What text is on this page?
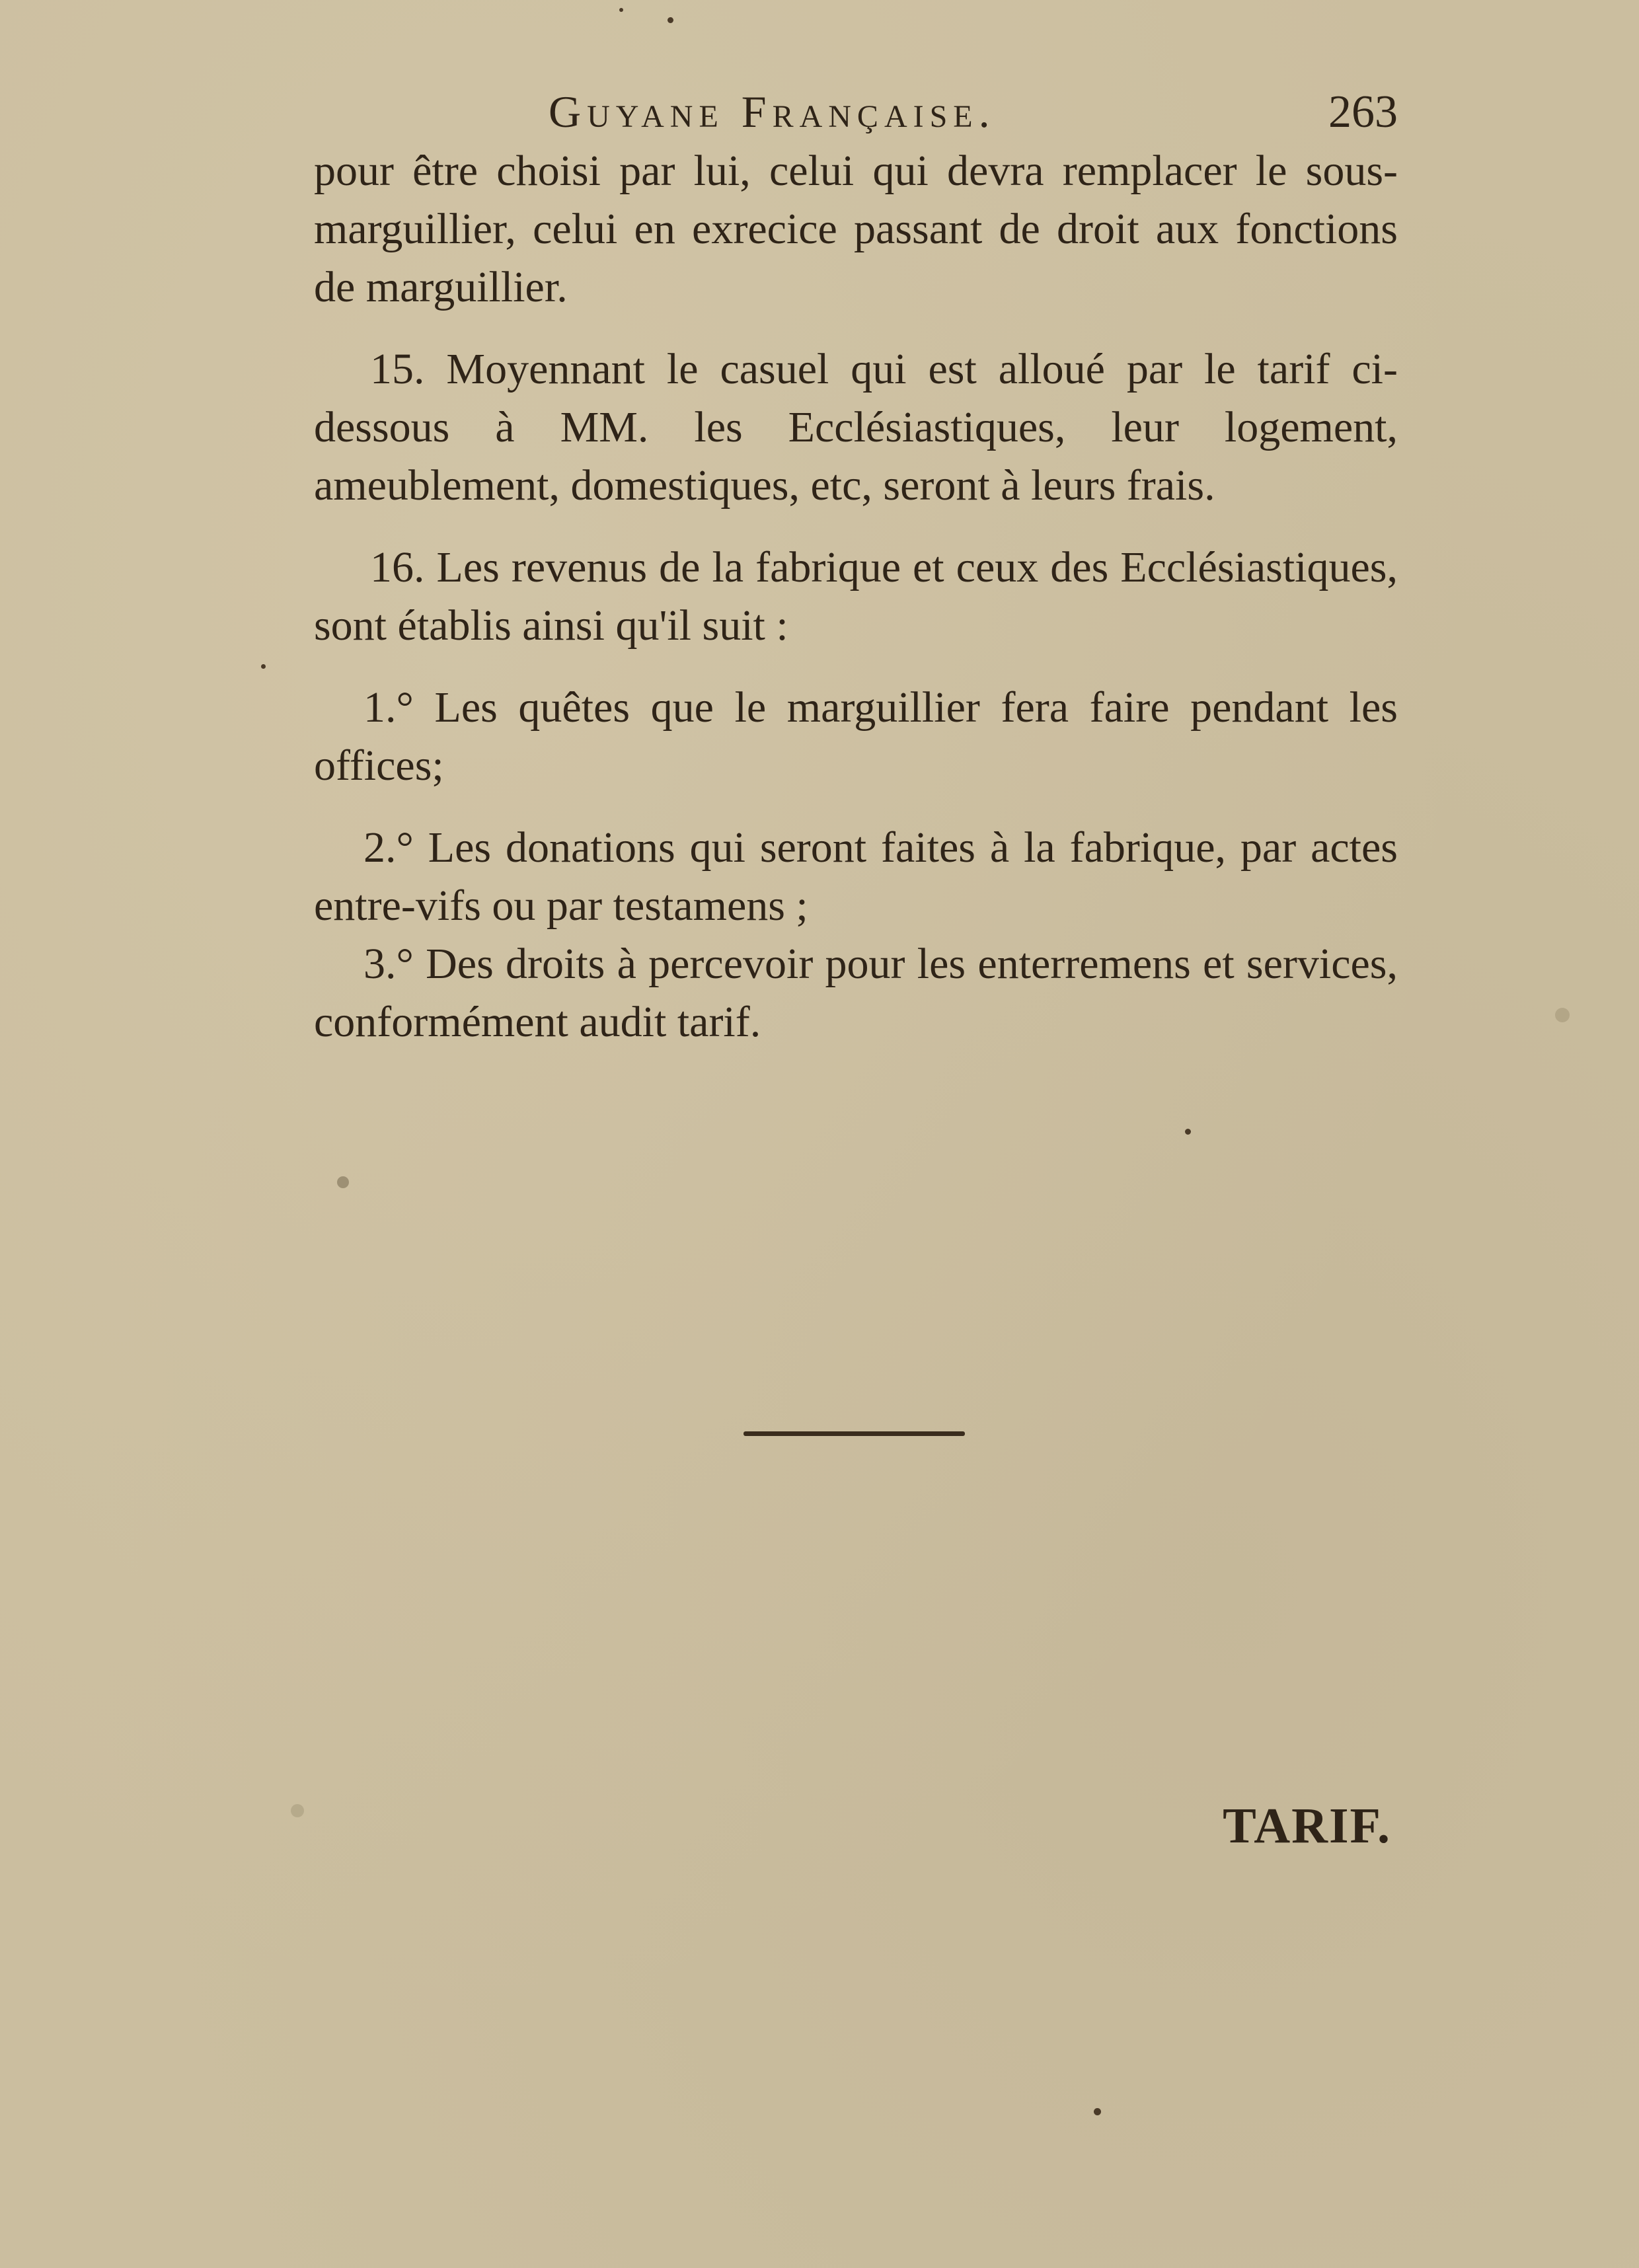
Guyane Française.	263

pour être choisi par lui, celui qui devra remplacer le sous-marguillier, celui en exrecice passant de droit aux fonctions de marguillier.

15. Moyennant le casuel qui est alloué par le tarif ci-dessous à MM. les Ecclésiastiques, leur logement, ameublement, domestiques, etc, seront à leurs frais.

16. Les revenus de la fabrique et ceux des Ecclésiastiques, sont établis ainsi qu'il suit :

1.° Les quêtes que le marguillier fera faire pendant les offices;

2.° Les donations qui seront faites à la fabrique, par actes entre-vifs ou par testamens ;

3.° Des droits à percevoir pour les enterremens et services, conformément audit tarif.

TARIF.
